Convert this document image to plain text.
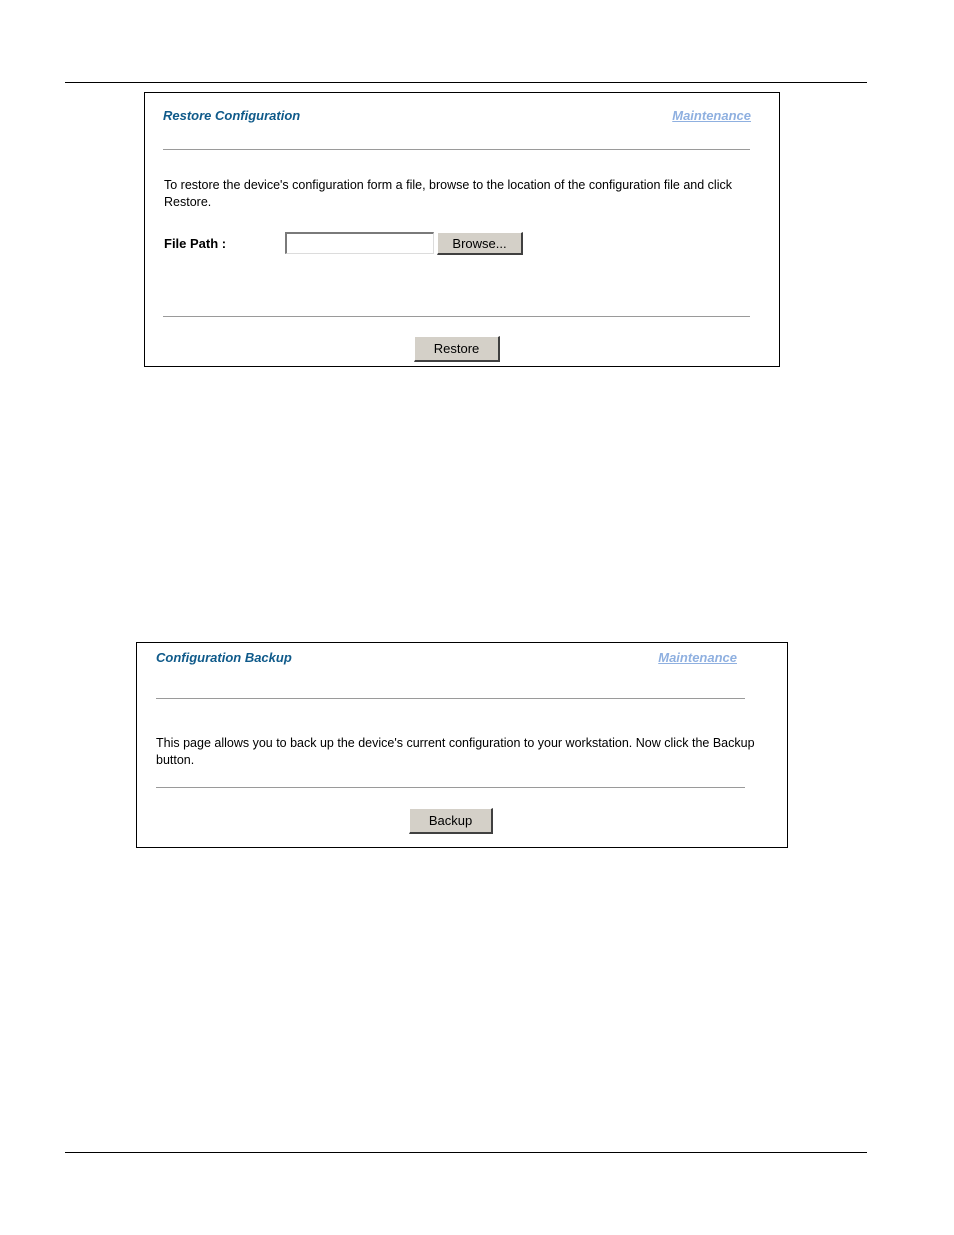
Restore Configuration	Maintenance
To restore the device's configuration form a file, browse to the location of the configuration file and click Restore.
File Path :	Browse...
Restore
Configuration Backup	Maintenance
This page allows you to back up the device's current configuration to your workstation. Now click the Backup button.
Backup
